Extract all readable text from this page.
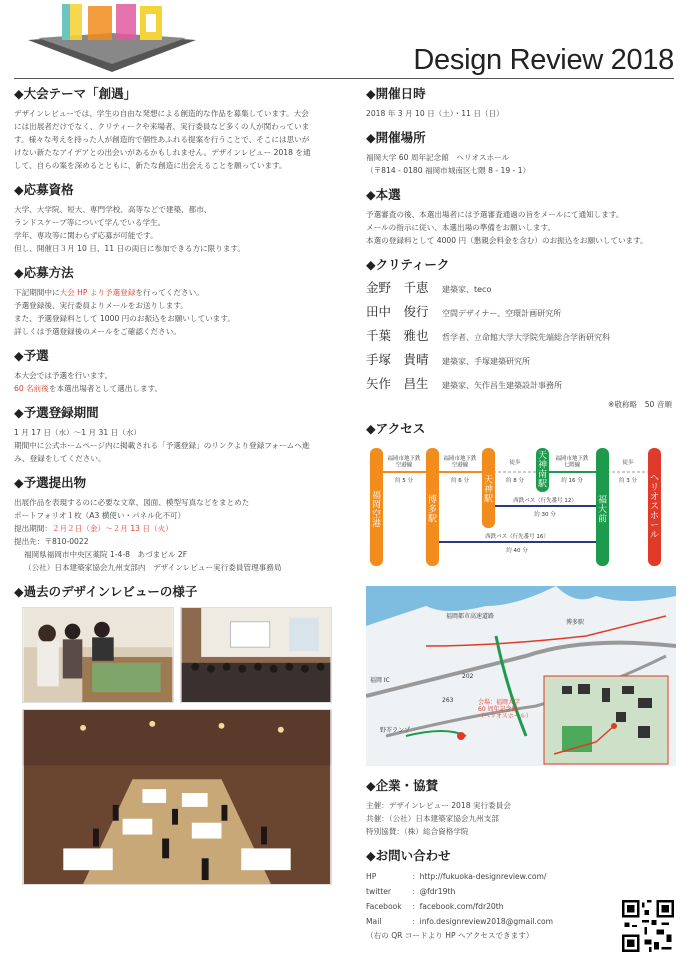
Design Review 2018
◆大会テーマ「創遇」

デザインレビューでは、学生の自由な発想による創造的な作品を募集しています。大会

には出展者だけでなく、クリティークや来場者、実行委員など多くの人が関わっていま

す。様々な考えを持った人が創造的で個性あふれる提案を行うことで、そこには思いが

けない新たなアイデアとの出会いがあるかもしれません。デザインレビュー 2018 を通

して、自らの案を深めるとともに、新たな創造に出会えることを願っています。

◆応募資格

大学、大学院、短大、専門学校、高等などで建築、都市、

ランドスケープ等について学んでいる学生。

学年、専攻等に関わらず応募が可能です。

但し、開催日３月 10 日、11 日の両日に参加できる方に限ります。

◆応募方法

下記期間中に大会 HP より予選登録を行ってください。

予選登録後、実行委員よりメールをお送りします。

また、予選登録料として 1000 円のお振込をお願いしています。

詳しくは予選登録後のメールをご確認ください。

◆予選

本大会では予選を行います。

60 名前後を本選出場者として選出します。

◆予選登録期間

1 月 17 日（水）〜1 月 31 日（水）

期間中に公式ホームページ内に掲載される「予選登録」のリンクより登録フォームへ進

み、登録をしてください。

◆予選提出物

出展作品を表現するのに必要な文章、図面、模型写真などをまとめた

ポートフォリオ１枚（A3 横使い・パネル化不可）

提出期間：２月２日（金）〜２月 13 日（火）

提出先：〒810-0022

福岡県福岡市中央区薬院 1-4-8　あづまビル 2F

（公社）日本建築家協会九州支部内　デザインレビュー実行委員管理事務局

◆過去のデザインレビューの様子
◆開催日時

2018 年 3 月 10 日（土）・11 日（日）

◆開催場所

福岡大学 60 周年記念館　ヘリオスホール

（〒814 - 0180 福岡市城南区七隈 8 - 19 - 1）

◆本選

予選審査の後、本選出場者には予選審査通過の旨をメールにて通知します。

メールの指示に従い、本選出場の準備をお願いします。

本選の登録料として 4000 円（懇親会料金を含む）のお振込をお願いしています。

◆クリティーク
金野　千恵	建築家、teco
田中　俊行	空間デザイナー、空環計画研究所
千葉　雅也	哲学者、立命館大学大学院先端総合学術研究科
手塚　貴晴	建築家、手塚建築研究所
矢作　昌生	建築家、矢作昌生建築設計事務所

※敬称略　50 音順

◆アクセス
福岡空港
博多駅
天神駅
天神南駅
福大前
ヘリオスホール
福岡市地下鉄
空港線
福岡市地下鉄
空港線
福岡市地下鉄
七隈線
徒歩	徒歩
約 5 分	約 6 分	約 8 分	約 16 分	約 3 分
西鉄バス（行先番号 12）
約 30 分
西鉄バス（行先番号 16）
約 40 分

福岡都市高速道路
博多駅
福岡 IC
野芥ランプ
202
263	会場：福岡大学
60 周年記念館
（ヘリオスホール）
◆企業・協賛

主催：デザインレビュー 2018 実行委員会

共催：（公社）日本建築家協会九州支部

特別協賛：（株）総合資格学院

◆お問い合わせ
HP	：http://fukuoka-designreview.com/
twitter	：@fdr19th
Facebook	：facebook.com/fdr20th
Mail	：info.designreview2018@gmail.com

（右の QR コードより HP へアクセスできます）
